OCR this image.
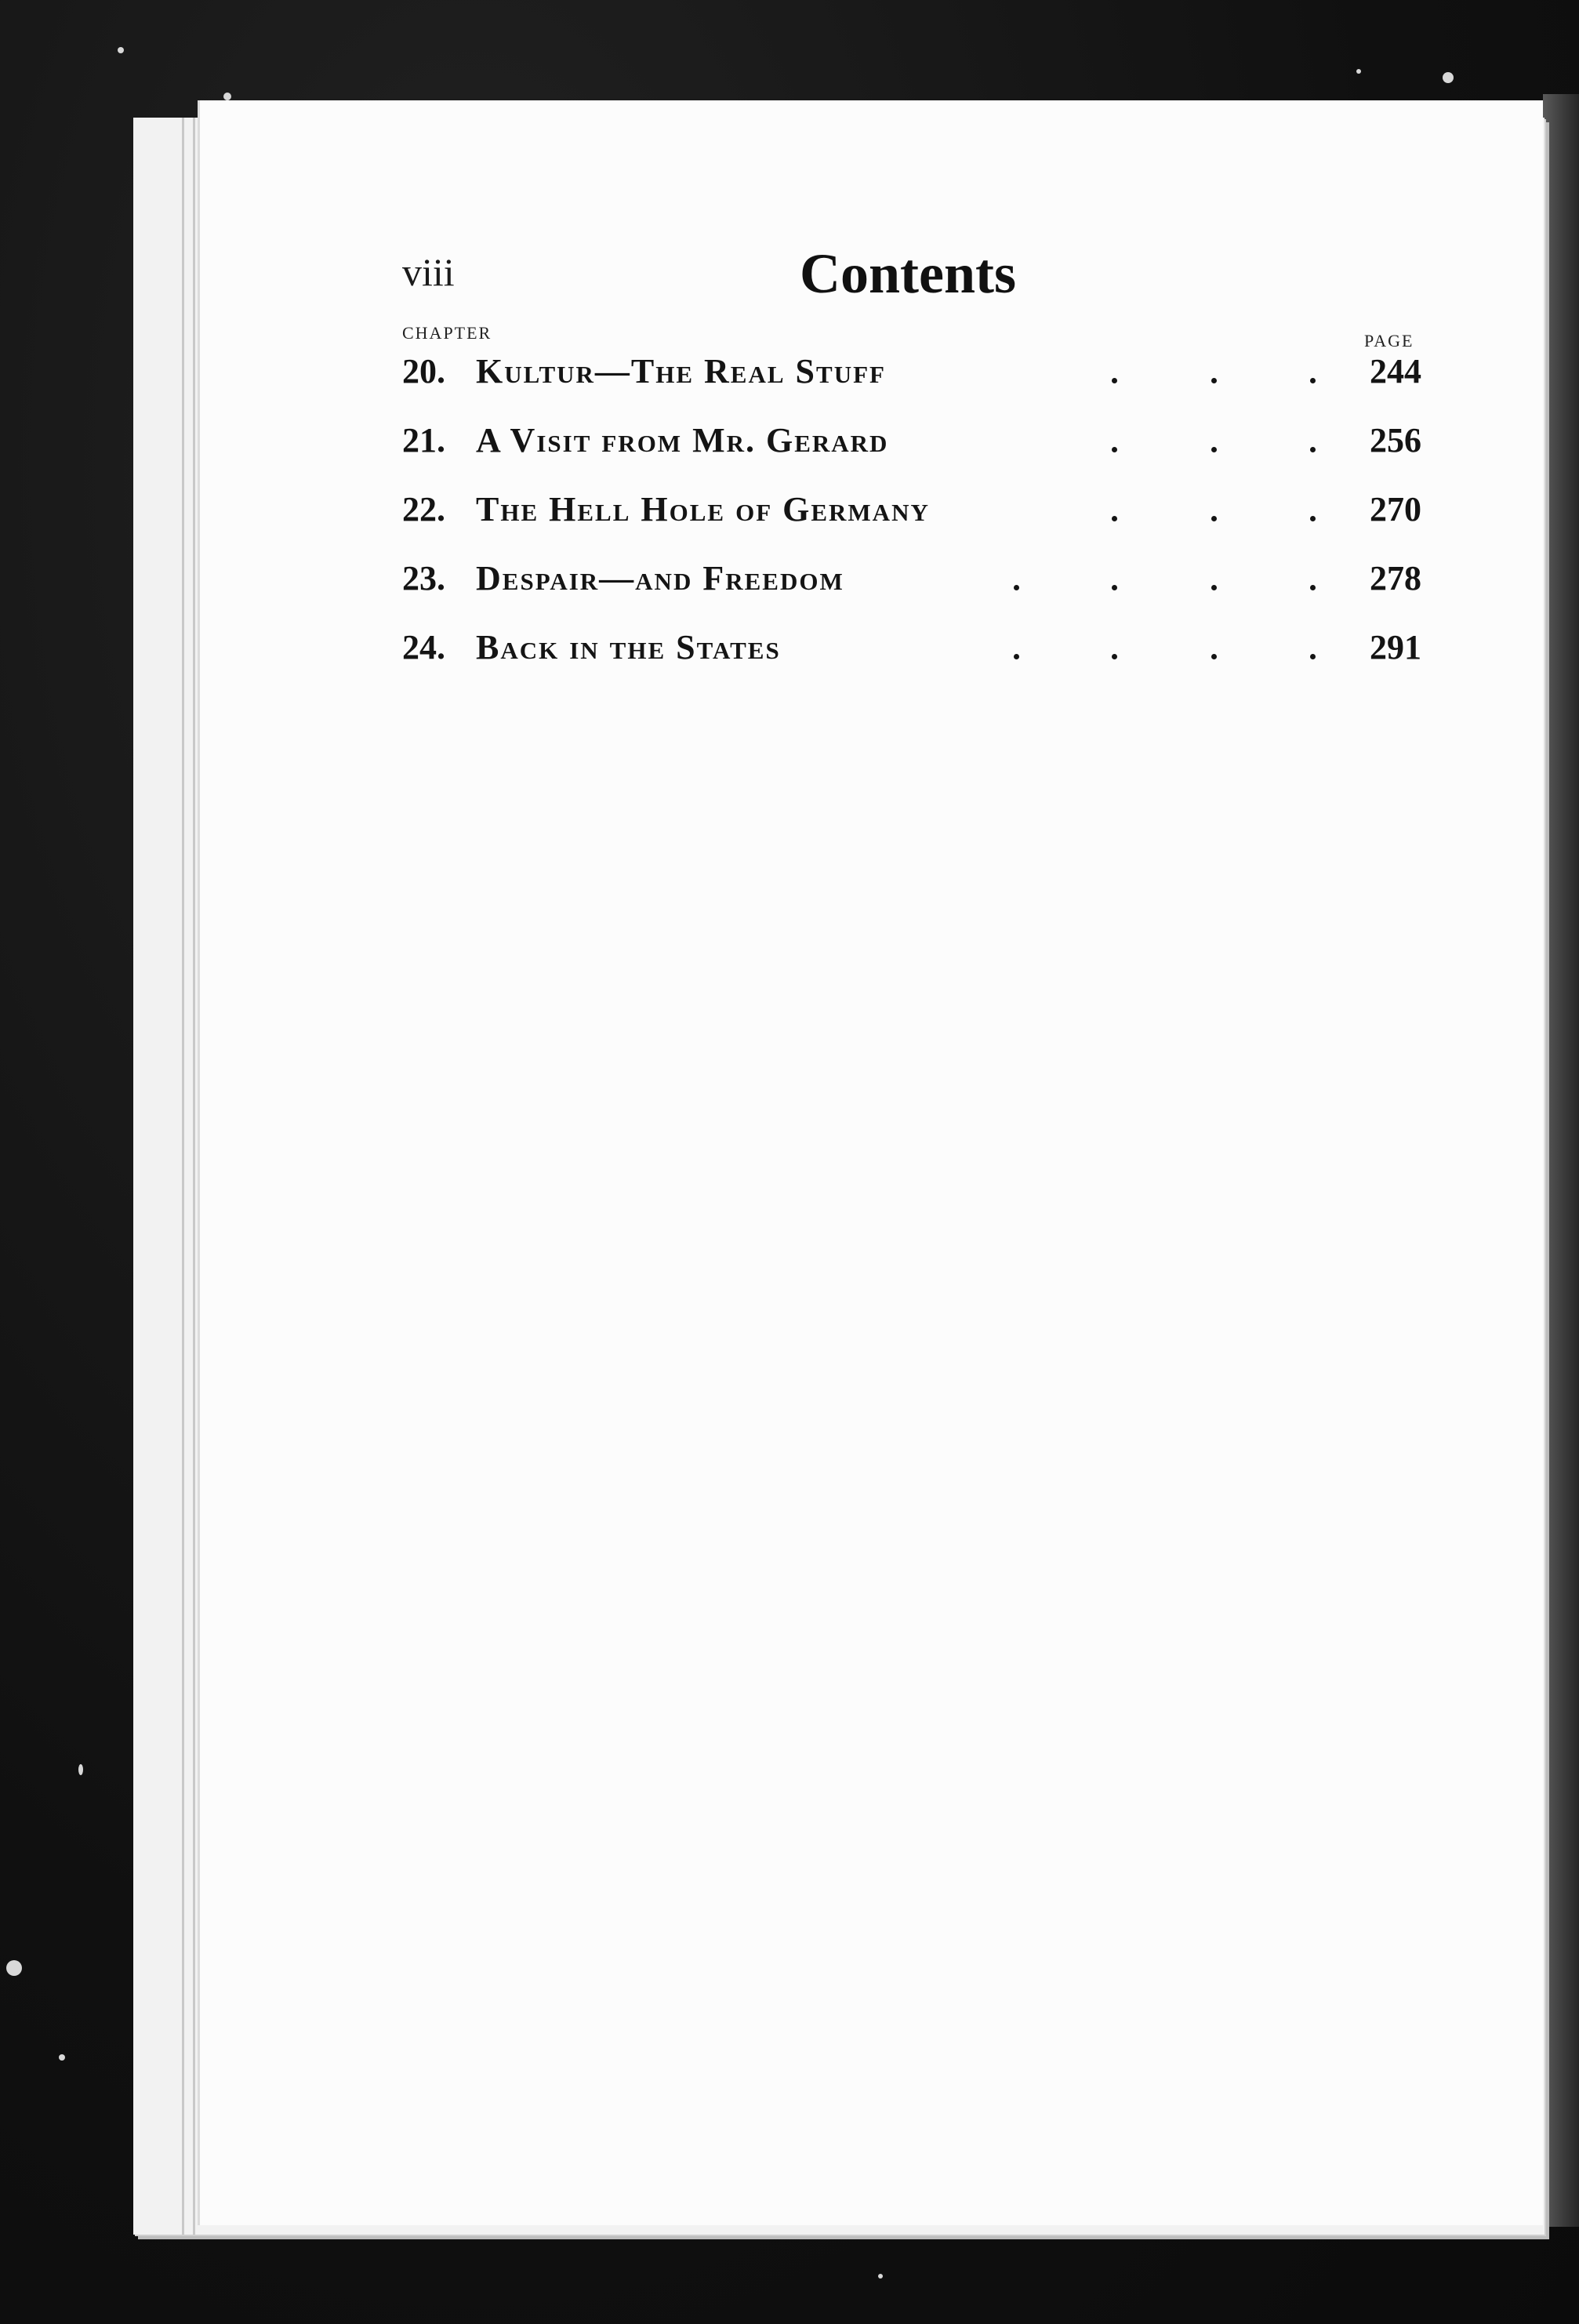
viii	Contents
CHAPTER	PAGE
20. Kultur—The Real Stuff	244
21. A Visit from Mr. Gerard	256
22. The Hell Hole of Germany	270
23. Despair—and Freedom	278
24. Back in the States	291
